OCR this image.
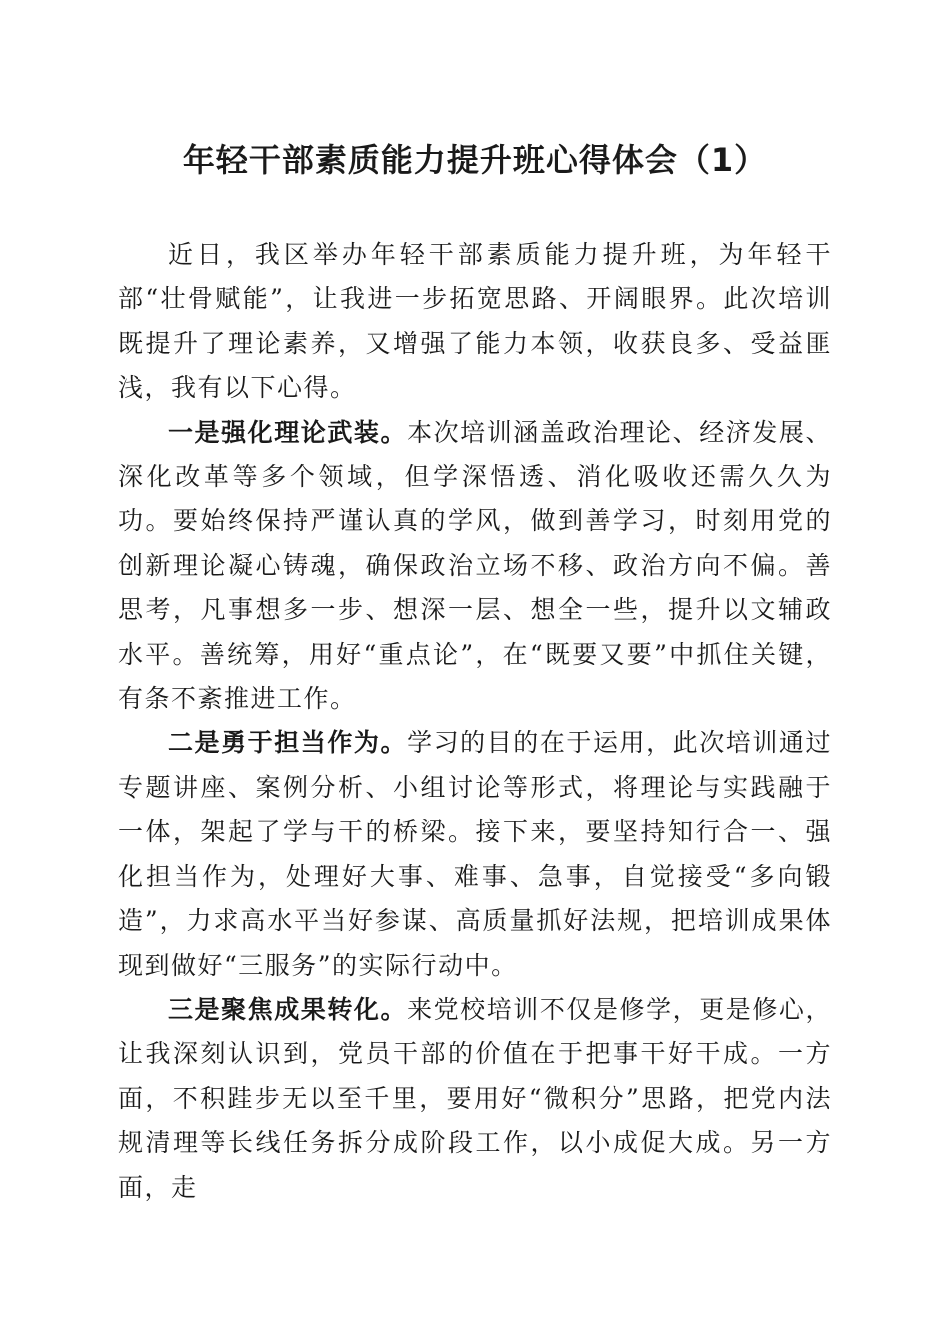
年轻干部素质能力提升班心得体会（1）

近日，我区举办年轻干部素质能力提升班，为年轻干部“壮骨赋能”，让我进一步拓宽思路、开阔眼界。此次培训既提升了理论素养，又增强了能力本领，收获良多、受益匪浅，我有以下心得。

一是强化理论武装。本次培训涵盖政治理论、经济发展、深化改革等多个领域，但学深悟透、消化吸收还需久久为功。要始终保持严谨认真的学风，做到善学习，时刻用党的创新理论凝心铸魂，确保政治立场不移、政治方向不偏。善思考，凡事想多一步、想深一层、想全一些，提升以文辅政水平。善统筹，用好“重点论”，在“既要又要”中抓住关键，有条不紊推进工作。

二是勇于担当作为。学习的目的在于运用，此次培训通过专题讲座、案例分析、小组讨论等形式，将理论与实践融于一体，架起了学与干的桥梁。接下来，要坚持知行合一、强化担当作为，处理好大事、难事、急事，自觉接受“多向锻造”，力求高水平当好参谋、高质量抓好法规，把培训成果体现到做好“三服务”的实际行动中。

三是聚焦成果转化。来党校培训不仅是修学，更是修心，让我深刻认识到，党员干部的价值在于把事干好干成。一方面，不积跬步无以至千里，要用好“微积分”思路，把党内法规清理等长线任务拆分成阶段工作，以小成促大成。另一方面，走
